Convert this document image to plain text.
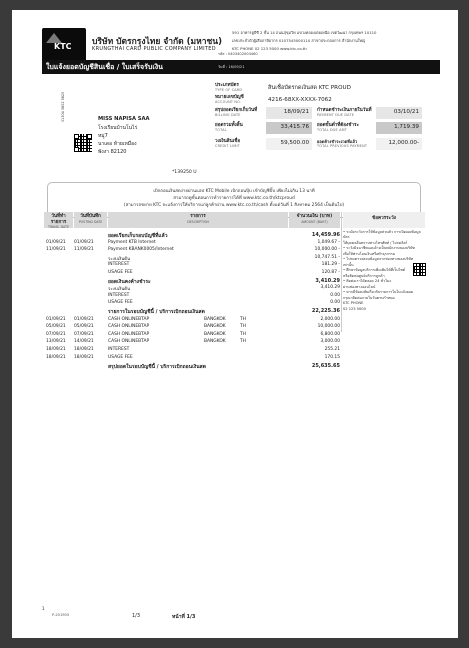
KTC บริษัท บัตรกรุงไทย จำกัด (มหาชน)
KRUNGTHAI CARD PUBLIC COMPANY LIMITED
591 อาคารยูบีซี 2 ชั้น 14 ถนนสุขุมวิท แขวงคลองเตยเหนือ เขตวัฒนา กรุงเทพฯ 10110
เลขประจำตัวผู้เสียภาษีอากร 0107545000110 สาขาประกอบการ สำนักงานใหญ่
KTC PHONE 02 123 5000 www.ktc.co.th
ใบแจ้งยอดบัญชีสินเชื่อ / ใบเสร็จรับเงิน
รหัส : 0403402004460
วันที่ : 16/09/21
01304 0802 5820	MISS NAPISA SAA
โรงเรียนบ้านโนไร่
หมู่7
นาเดอ ท้ายเหมือง
พังงา 82120
ประเภทบัตร
TYPE OF CARD	สินเชื่อบัตรกดเงินสด KTC PROUD
หมายเลขบัญชี
ACCOUNT NO.	4216-68XX-XXXX-7062
สรุปยอดเรียกเก็บวันที่
BILLING DATE	18/09/21	กำหนดชำระเงินภายในวันที่
PAYMENT DUE DATE	03/10/21
ยอดรวมทั้งสิ้น
TOTAL	33,415.76	ยอดขั้นต่ำที่ต้องชำระ
TOTAL DUE AMT	1,719.39
วงเงินสินเชื่อ
CREDIT LIMIT	59,500.00	ยอดค้างชำระงวดที่แล้ว
TOTAL PREVIOUS PAYMENT	12,000.00-
*139250 U
เบิกถอนเงินสดง่ายผ่านแอป KTC Mobile เบิกถอนปุ๊บ เข้าบัญชีปั๊บ เพียงไม่เกิน 13 นาที
สามารถดูขั้นตอนการทำรายการได้ที่ www.ktc.co.th/ktcproud
(สามารถขยาย KTC จะแจ้งการให้บริการแก่ลูกค้าผ่าน www.ktc.co.th/cash ตั้งแต่วันที่ 1 สิงหาคม 2564 เป็นต้นไป)
วันที่ทำรายการ
TRANS. DATE
วันที่บันทึก
POSTING DATE
รายการ
DESCRIPTION
จำนวนเงิน (บาท)
AMOUNT (BAHT)
ข้อควรระวัง
ยอดเรียกเก็บรอบบัญชีที่แล้ว	14,459.96
01/09/21 01/09/21	Payment KTB Internet	1,049.67 -
11/09/21 11/09/21	Payment KBANK0005/Internet	10,000.00 -
ระงบเงินต้น	10,747.51 -
INTEREST	181.29 -
USAGE FEE	120.87 -
ยอดเงินคงค้างชำระ	3,410.29
ระงบเงินต้น	3,410.29
INTEREST	0.00
USAGE FEE	0.00
รายการในรอบบัญชีนี้ / บริการเบิกถอนเงินสด	22,225.36
01/09/21 01/09/21	CASH ONLINEBTAP	BANGKOK	TH	2,000.00
05/09/21 05/09/21	CASH ONLINEBTAP	BANGKOK	TH	10,000.00
07/09/21 07/09/21	CASH ONLINEBTAP	BANGKOK	TH	6,800.00
13/09/21 14/09/21	CASH ONLINEBTAP	BANGKOK	TH	3,000.00
18/09/21 18/09/21	INTEREST	255.21
18/09/21 18/09/21	USAGE FEE	170.15
สรุปยอดในรอบบัญชีนี้ / บริการเบิกถอนเงินสด	25,635.65
• ระมัดระวังการให้ข้อมูลส่วนตัว การเปิดเผยข้อมูลบัตร
ให้บุคคลอื่นทราบทางโทรศัพท์ / ไม่กดลิงก์
• ระวังมิจฉาชีพแอบอ้างเป็นพนักงานของบริษัท
เพื่อให้ท่านโอนเงินหรือทำธุรกรรม
• โปรดตรวจสอบข้อมูลจากช่องทางของบริษัท
เท่านั้น
• ศึกษาข้อมูลบริการเพิ่มเติมได้ที่เว็บไซต์
หรือติดต่อศูนย์บริการลูกค้า
• ติดต่อเราได้ตลอด 24 ชั่วโมง
ผ่านช่องทางออนไลน์
• หากมีข้อสงสัยเกี่ยวกับรายการในใบแจ้งยอด
กรุณาติดต่อภายในวันครบกำหนด
KTC PHONE
02 123 5000
1
P-201905	1/3	หน้าที่ 1/3
